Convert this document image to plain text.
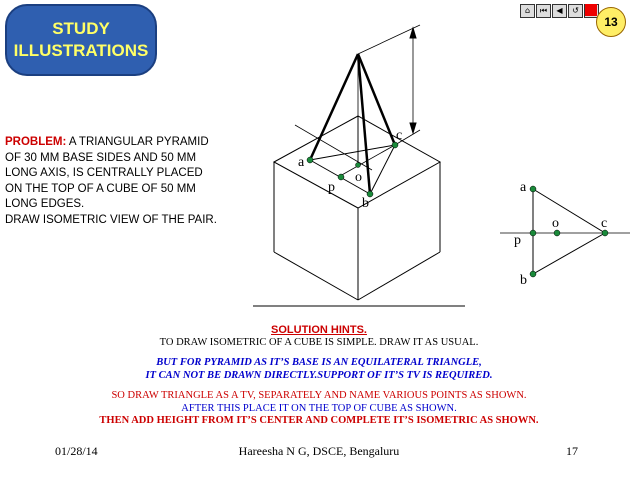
STUDY
ILLUSTRATIONS
PROBLEM: A TRIANGULAR PYRAMID
OF 30 MM BASE SIDES AND 50 MM
LONG AXIS, IS CENTRALLY PLACED
ON THE TOP OF A CUBE OF 50 MM
LONG EDGES.
DRAW ISOMETRIC VIEW OF THE PAIR.
⌂	⏮	◀	↺
13
a
o
c
p
b
a
p
o	c
b
SOLUTION HINTS.
TO DRAW ISOMETRIC OF A CUBE IS SIMPLE. DRAW IT AS USUAL.
BUT FOR PYRAMID AS IT’S BASE IS AN EQUILATERAL TRIANGLE,
IT CAN NOT BE DRAWN DIRECTLY.SUPPORT OF IT’S TV IS REQUIRED.
SO DRAW TRIANGLE AS A TV, SEPARATELY AND NAME VARIOUS POINTS AS SHOWN.
AFTER THIS PLACE IT ON THE TOP OF CUBE AS SHOWN.
THEN ADD HEIGHT FROM IT’S CENTER AND COMPLETE IT’S ISOMETRIC AS SHOWN.
01/28/14	Hareesha N G, DSCE, Bengaluru	17
